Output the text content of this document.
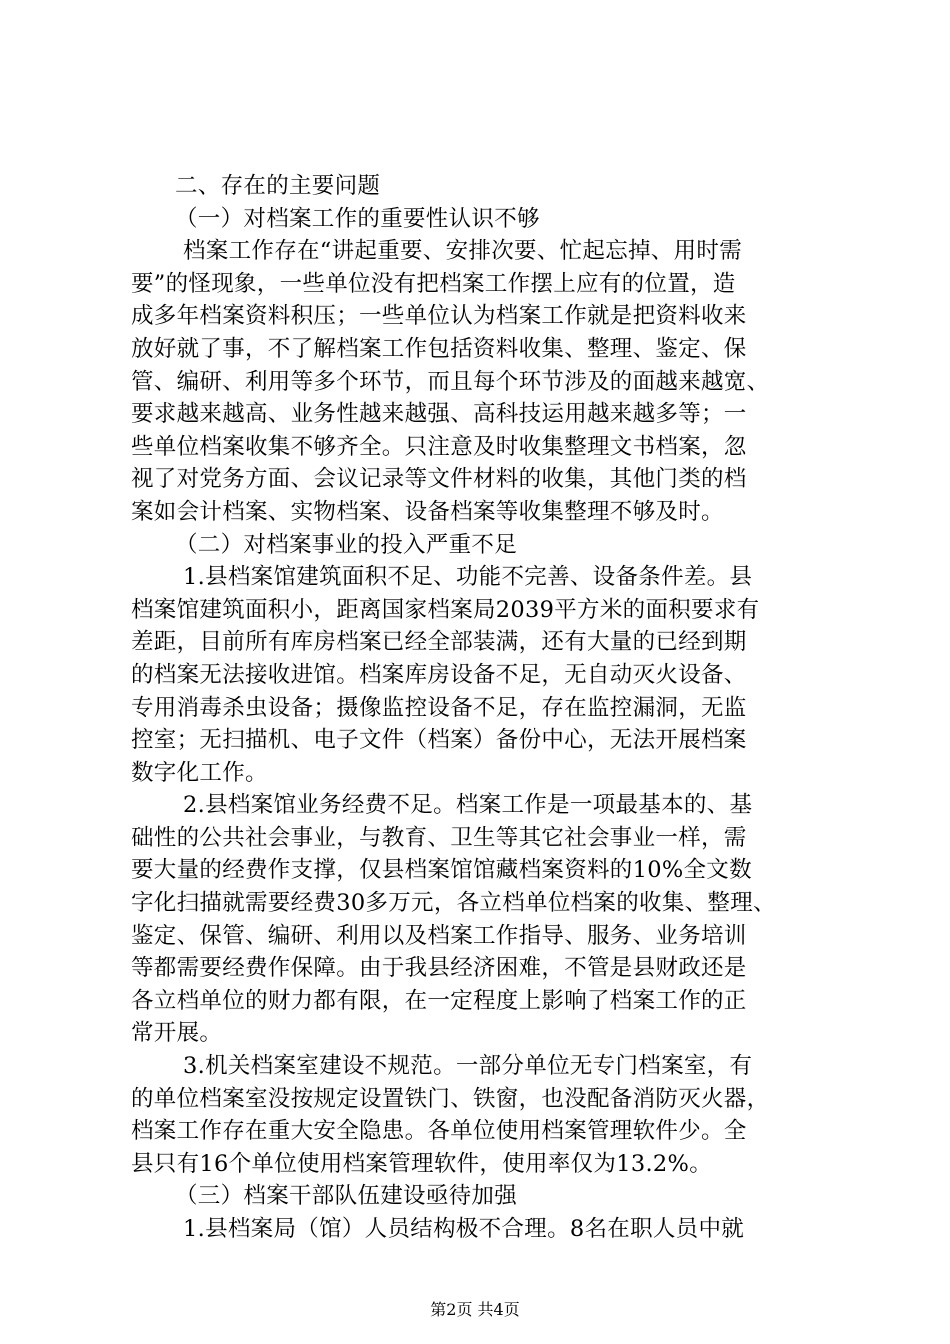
二、存在的主要问题
（一）对档案工作的重要性认识不够
档案工作存在“讲起重要、安排次要、忙起忘掉、用时需
要”的怪现象，一些单位没有把档案工作摆上应有的位置，造
成多年档案资料积压；一些单位认为档案工作就是把资料收来
放好就了事，不了解档案工作包括资料收集、整理、鉴定、保
管、编研、利用等多个环节，而且每个环节涉及的面越来越宽、
要求越来越高、业务性越来越强、高科技运用越来越多等；一
些单位档案收集不够齐全。只注意及时收集整理文书档案，忽
视了对党务方面、会议记录等文件材料的收集，其他门类的档
案如会计档案、实物档案、设备档案等收集整理不够及时。
（二）对档案事业的投入严重不足
1.县档案馆建筑面积不足、功能不完善、设备条件差。县
档案馆建筑面积小，距离国家档案局2039平方米的面积要求有
差距，目前所有库房档案已经全部装满，还有大量的已经到期
的档案无法接收进馆。档案库房设备不足，无自动灭火设备、
专用消毒杀虫设备；摄像监控设备不足，存在监控漏洞，无监
控室；无扫描机、电子文件（档案）备份中心，无法开展档案
数字化工作。
2.县档案馆业务经费不足。档案工作是一项最基本的、基
础性的公共社会事业，与教育、卫生等其它社会事业一样，需
要大量的经费作支撑，仅县档案馆馆藏档案资料的10%全文数
字化扫描就需要经费30多万元，各立档单位档案的收集、整理、
鉴定、保管、编研、利用以及档案工作指导、服务、业务培训
等都需要经费作保障。由于我县经济困难，不管是县财政还是
各立档单位的财力都有限，在一定程度上影响了档案工作的正
常开展。
3.机关档案室建设不规范。一部分单位无专门档案室，有
的单位档案室没按规定设置铁门、铁窗，也没配备消防灭火器，
档案工作存在重大安全隐患。各单位使用档案管理软件少。全
县只有16个单位使用档案管理软件，使用率仅为13.2%。
（三）档案干部队伍建设亟待加强
1.县档案局（馆）人员结构极不合理。8名在职人员中就
第2页 共4页
